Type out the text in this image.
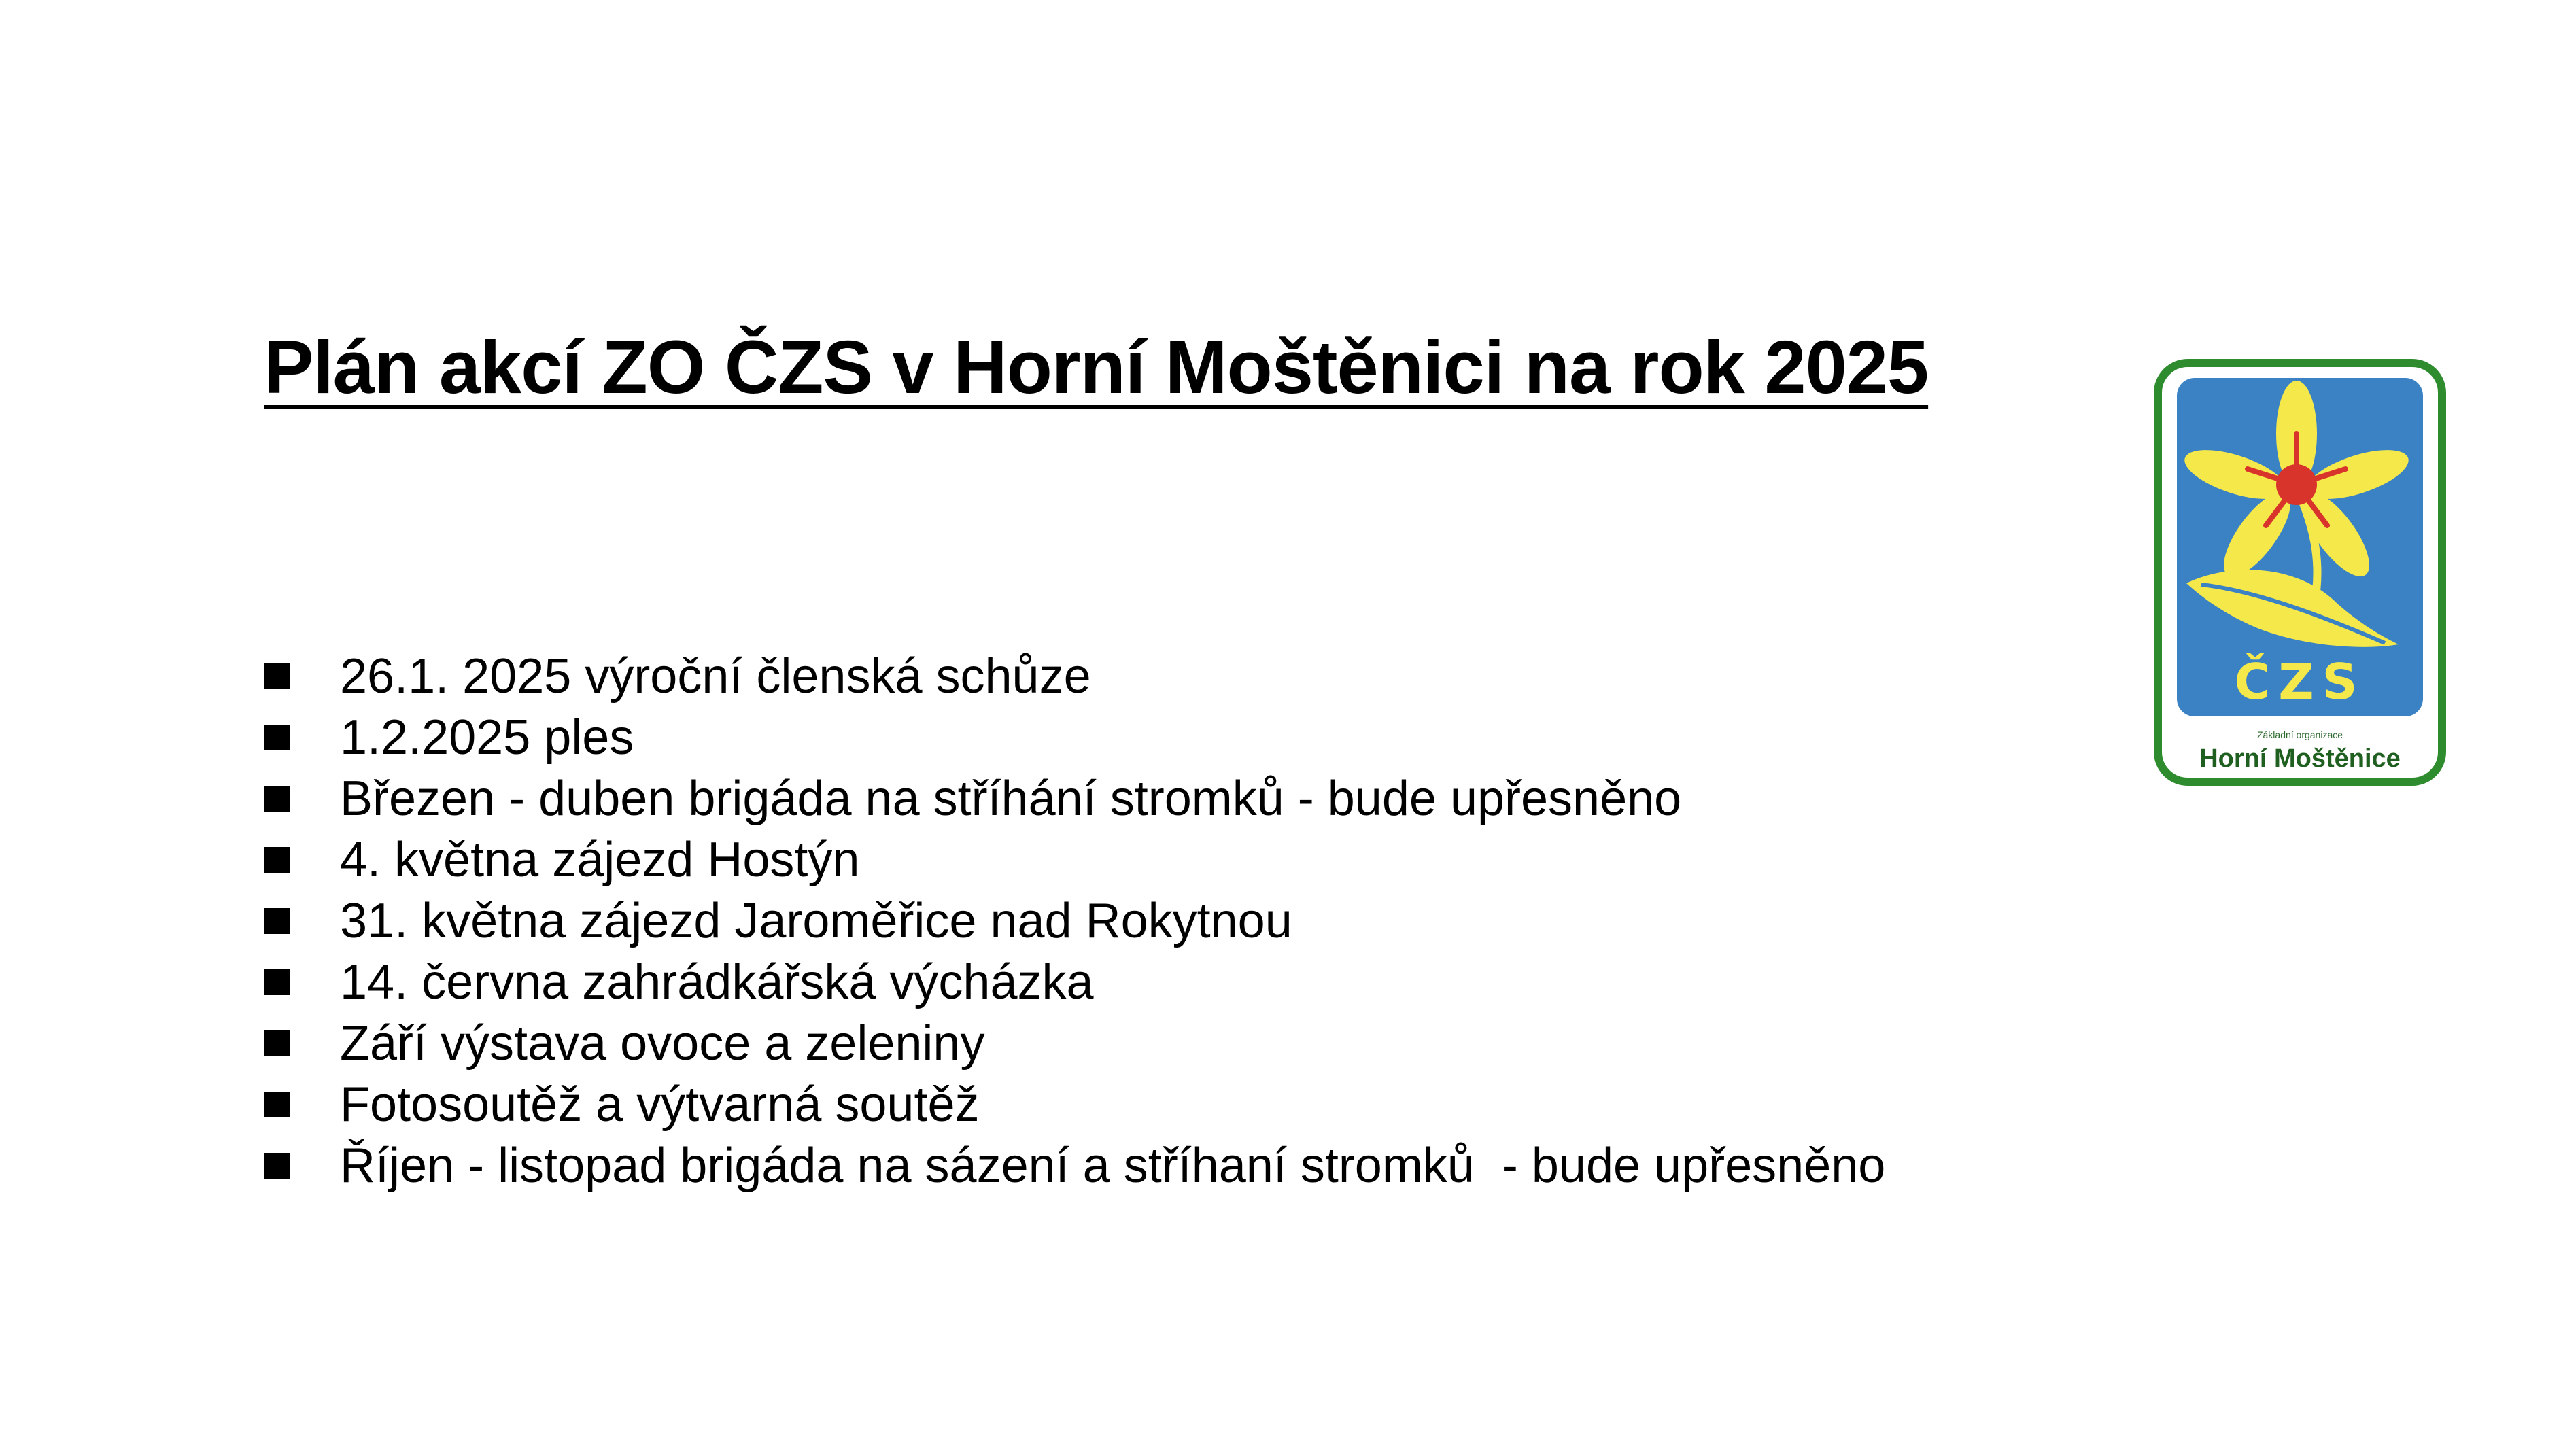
Plán akcí ZO ČZS v Horní Moštěnici na rok 2025
26.1. 2025 výroční členská schůze
1.2.2025 ples
Březen - duben brigáda na stříhání stromků - bude upřesněno
4. května zájezd Hostýn
31. května zájezd Jaroměřice nad Rokytnou
14. června zahrádkářská výcházka
Září výstava ovoce a zeleniny
Fotosoutěž a výtvarná soutěž
Říjen - listopad brigáda na sázení a stříhaní stromků  - bude upřesněno
ČZS
Základní organizace
Horní Moštěnice
